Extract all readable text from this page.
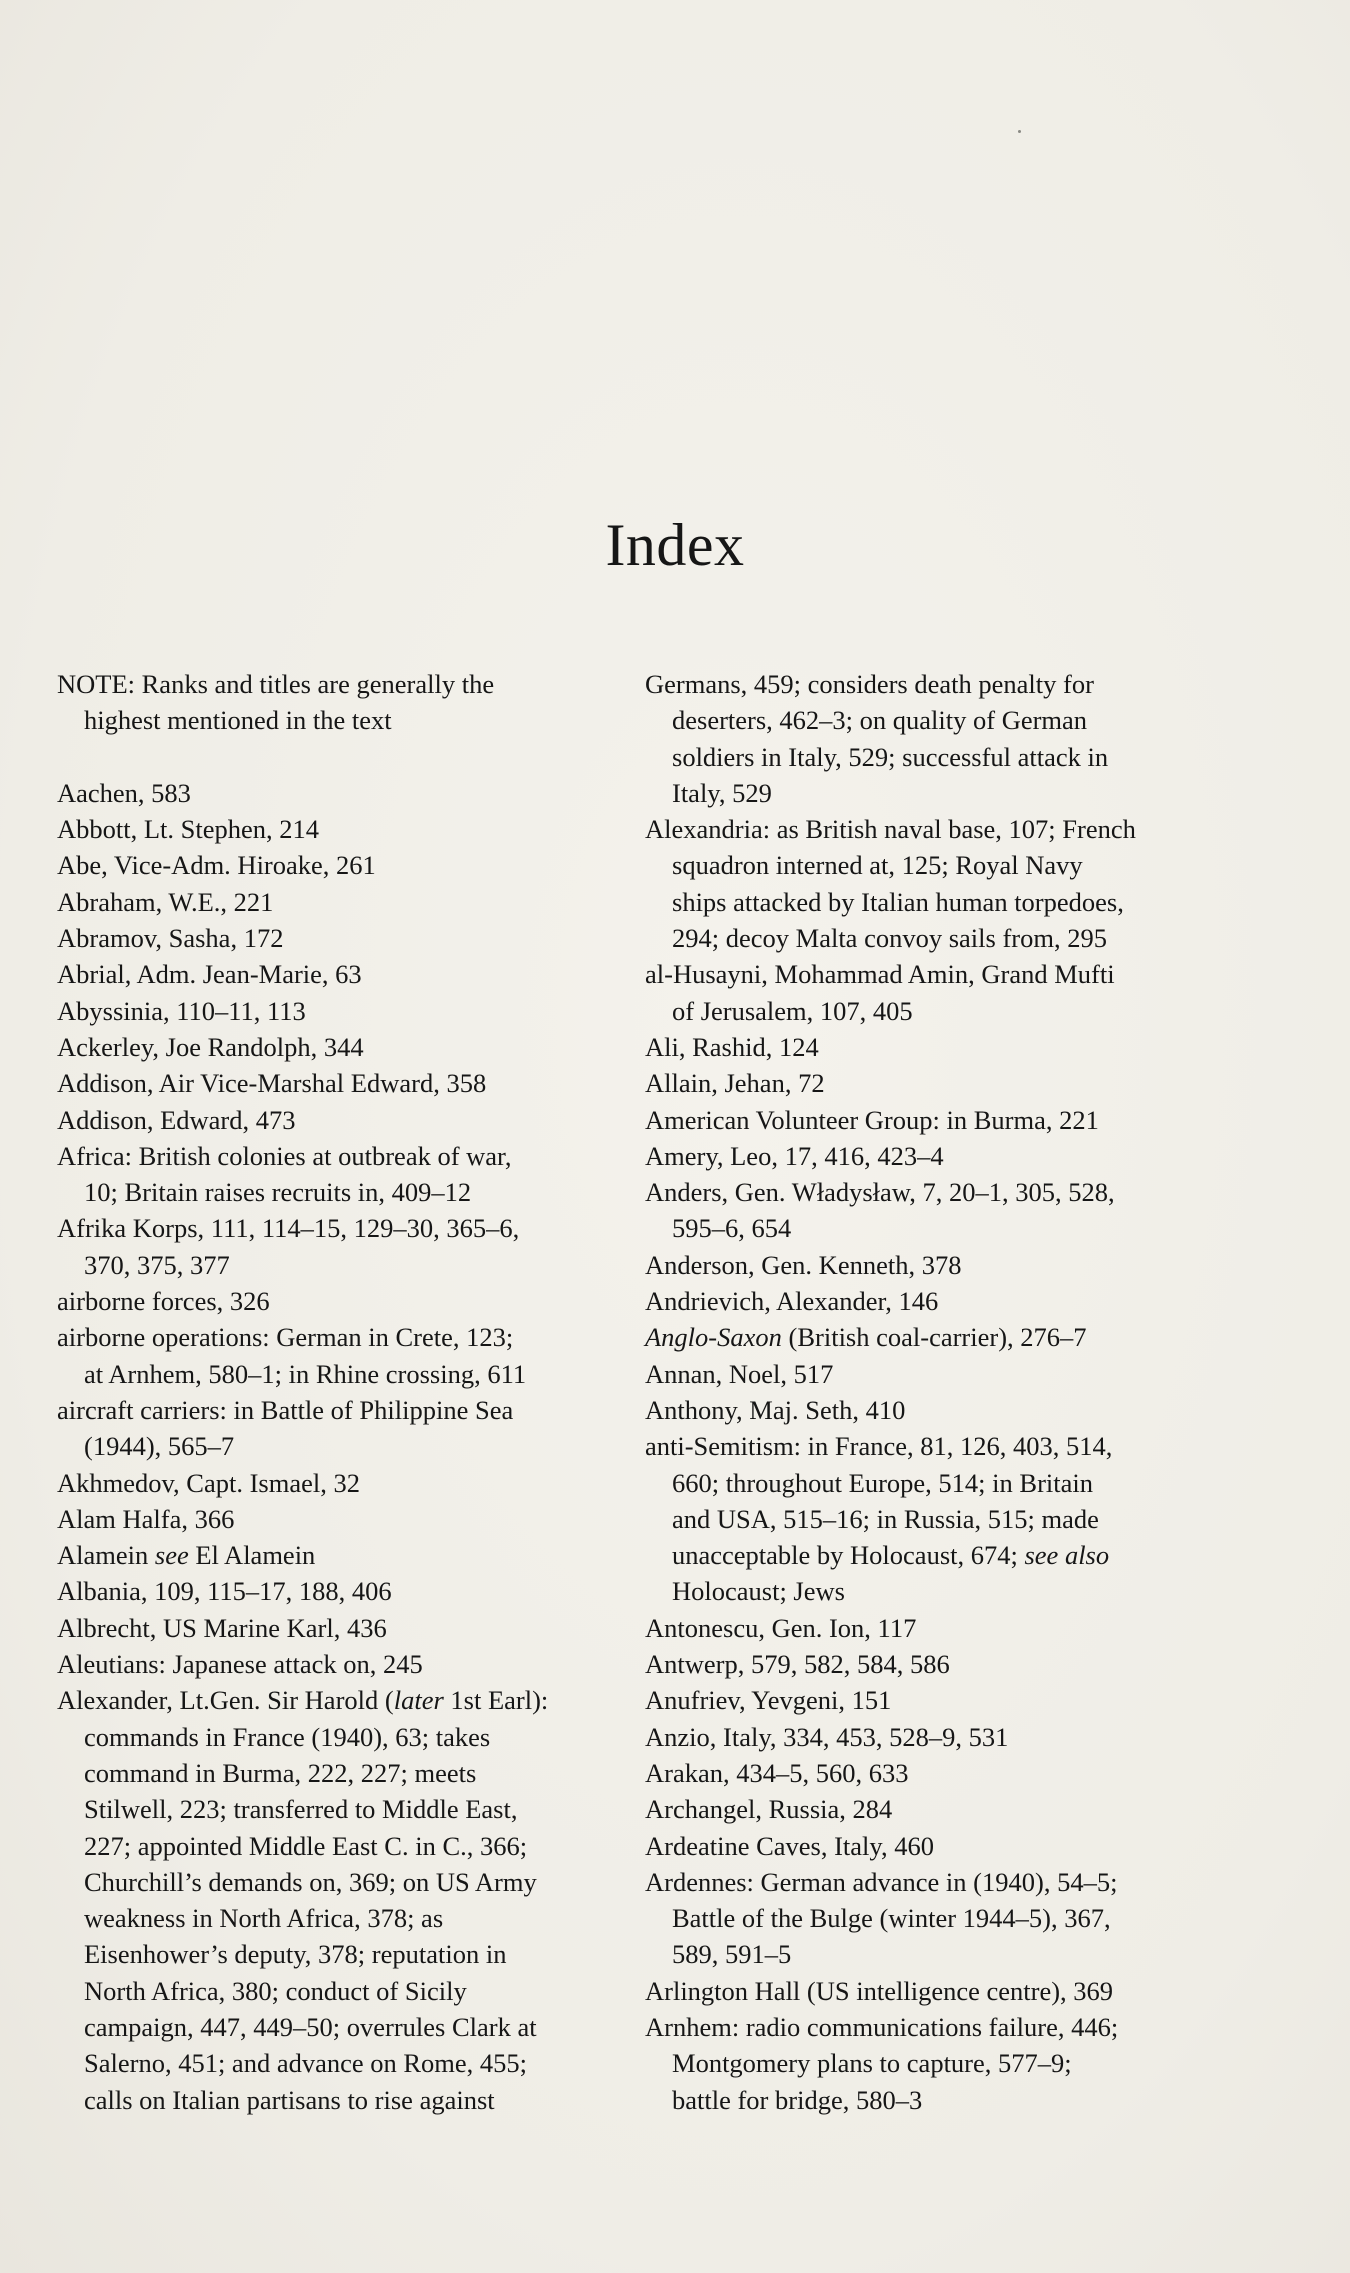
Index
NOTE: Ranks and titles are generally the
highest mentioned in the text
Aachen, 583
Abbott, Lt. Stephen, 214
Abe, Vice-Adm. Hiroake, 261
Abraham, W.E., 221
Abramov, Sasha, 172
Abrial, Adm. Jean-Marie, 63
Abyssinia, 110–11, 113
Ackerley, Joe Randolph, 344
Addison, Air Vice-Marshal Edward, 358
Addison, Edward, 473
Africa: British colonies at outbreak of war,
10; Britain raises recruits in, 409–12
Afrika Korps, 111, 114–15, 129–30, 365–6,
370, 375, 377
airborne forces, 326
airborne operations: German in Crete, 123;
at Arnhem, 580–1; in Rhine crossing, 611
aircraft carriers: in Battle of Philippine Sea
(1944), 565–7
Akhmedov, Capt. Ismael, 32
Alam Halfa, 366
Alamein see El Alamein
Albania, 109, 115–17, 188, 406
Albrecht, US Marine Karl, 436
Aleutians: Japanese attack on, 245
Alexander, Lt.Gen. Sir Harold (later 1st Earl):
commands in France (1940), 63; takes
command in Burma, 222, 227; meets
Stilwell, 223; transferred to Middle East,
227; appointed Middle East C. in C., 366;
Churchill’s demands on, 369; on US Army
weakness in North Africa, 378; as
Eisenhower’s deputy, 378; reputation in
North Africa, 380; conduct of Sicily
campaign, 447, 449–50; overrules Clark at
Salerno, 451; and advance on Rome, 455;
calls on Italian partisans to rise against
Germans, 459; considers death penalty for
deserters, 462–3; on quality of German
soldiers in Italy, 529; successful attack in
Italy, 529
Alexandria: as British naval base, 107; French
squadron interned at, 125; Royal Navy
ships attacked by Italian human torpedoes,
294; decoy Malta convoy sails from, 295
al-Husayni, Mohammad Amin, Grand Mufti
of Jerusalem, 107, 405
Ali, Rashid, 124
Allain, Jehan, 72
American Volunteer Group: in Burma, 221
Amery, Leo, 17, 416, 423–4
Anders, Gen. Władysław, 7, 20–1, 305, 528,
595–6, 654
Anderson, Gen. Kenneth, 378
Andrievich, Alexander, 146
Anglo-Saxon (British coal-carrier), 276–7
Annan, Noel, 517
Anthony, Maj. Seth, 410
anti-Semitism: in France, 81, 126, 403, 514,
660; throughout Europe, 514; in Britain
and USA, 515–16; in Russia, 515; made
unacceptable by Holocaust, 674; see also
Holocaust; Jews
Antonescu, Gen. Ion, 117
Antwerp, 579, 582, 584, 586
Anufriev, Yevgeni, 151
Anzio, Italy, 334, 453, 528–9, 531
Arakan, 434–5, 560, 633
Archangel, Russia, 284
Ardeatine Caves, Italy, 460
Ardennes: German advance in (1940), 54–5;
Battle of the Bulge (winter 1944–5), 367,
589, 591–5
Arlington Hall (US intelligence centre), 369
Arnhem: radio communications failure, 446;
Montgomery plans to capture, 577–9;
battle for bridge, 580–3
